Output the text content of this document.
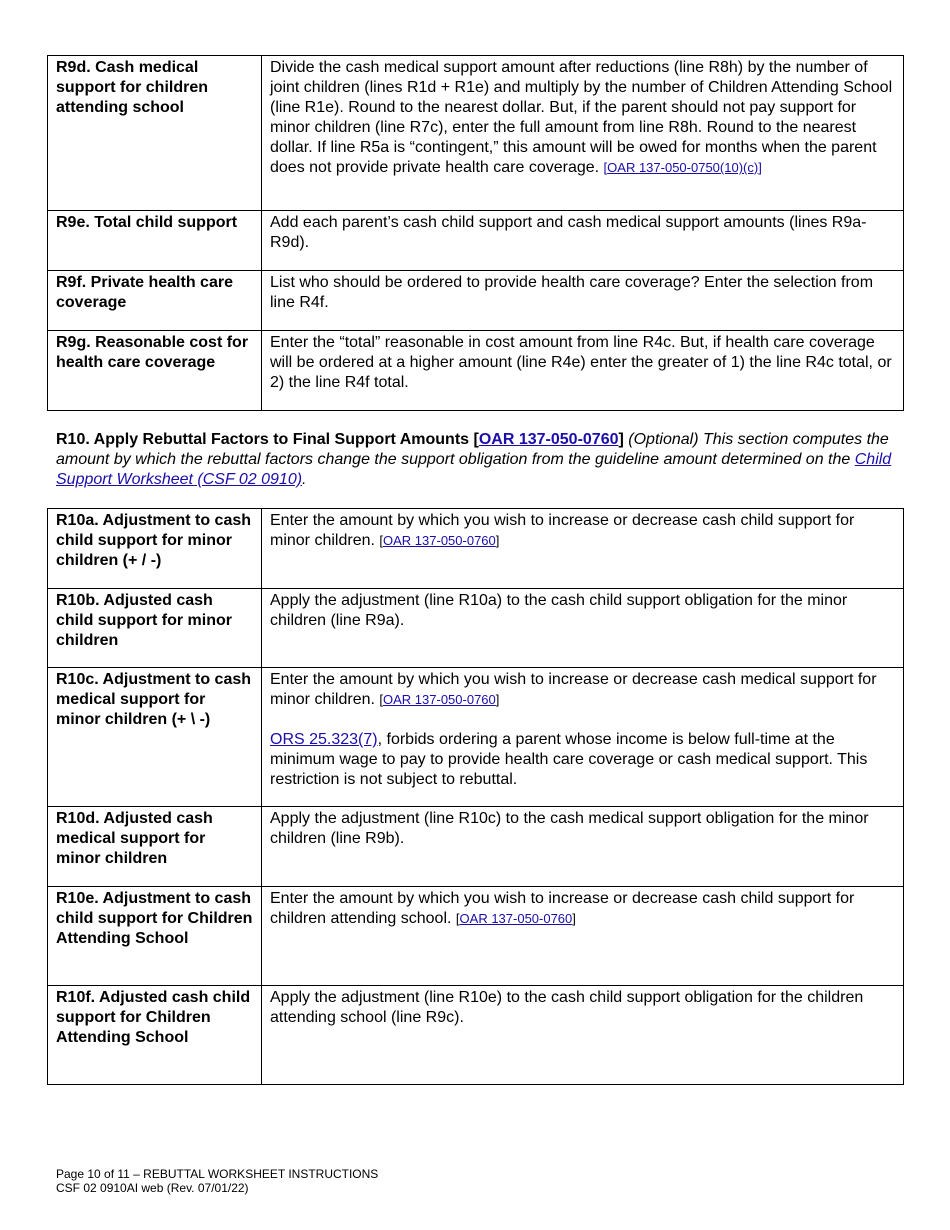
R9d. Cash medical support for children attending school	Divide the cash medical support amount after reductions (line R8h) by the number of joint children (lines R1d + R1e) and multiply by the number of Children Attending School (line R1e). Round to the nearest dollar. But, if the parent should not pay support for minor children (line R7c), enter the full amount from line R8h. Round to the nearest dollar. If line R5a is “contingent,” this amount will be owed for months when the parent does not provide private health care coverage. [OAR 137-050-0750(10)(c)]
R9e. Total child support	Add each parent’s cash child support and cash medical support amounts (lines R9a-R9d).
R9f. Private health care coverage	List who should be ordered to provide health care coverage? Enter the selection from line R4f.
R9g. Reasonable cost for health care coverage	Enter the “total” reasonable in cost amount from line R4c. But, if health care coverage will be ordered at a higher amount (line R4e) enter the greater of 1) the line R4c total, or 2) the line R4f total.

R10. Apply Rebuttal Factors to Final Support Amounts [OAR 137-050-0760] (Optional) This section computes the amount by which the rebuttal factors change the support obligation from the guideline amount determined on the Child Support Worksheet (CSF 02 0910).

R10a. Adjustment to cash child support for minor children (+ / -)	Enter the amount by which you wish to increase or decrease cash child support for minor children. [OAR 137-050-0760]
R10b. Adjusted cash child support for minor children	Apply the adjustment (line R10a) to the cash child support obligation for the minor children (line R9a).
R10c. Adjustment to cash medical support for minor children (+ \ -)	Enter the amount by which you wish to increase or decrease cash medical support for minor children. [OAR 137-050-0760]

ORS 25.323(7), forbids ordering a parent whose income is below full-time at the minimum wage to pay to provide health care coverage or cash medical support. This restriction is not subject to rebuttal.

R10d. Adjusted cash medical support for minor children	Apply the adjustment (line R10c) to the cash medical support obligation for the minor children (line R9b).
R10e. Adjustment to cash child support for Children Attending School	Enter the amount by which you wish to increase or decrease cash child support for children attending school. [OAR 137-050-0760]
R10f. Adjusted cash child support for Children Attending School	Apply the adjustment (line R10e) to the cash child support obligation for the children attending school (line R9c).
Page 10 of 11 – REBUTTAL WORKSHEET INSTRUCTIONS
CSF 02 0910AI web (Rev. 07/01/22)
